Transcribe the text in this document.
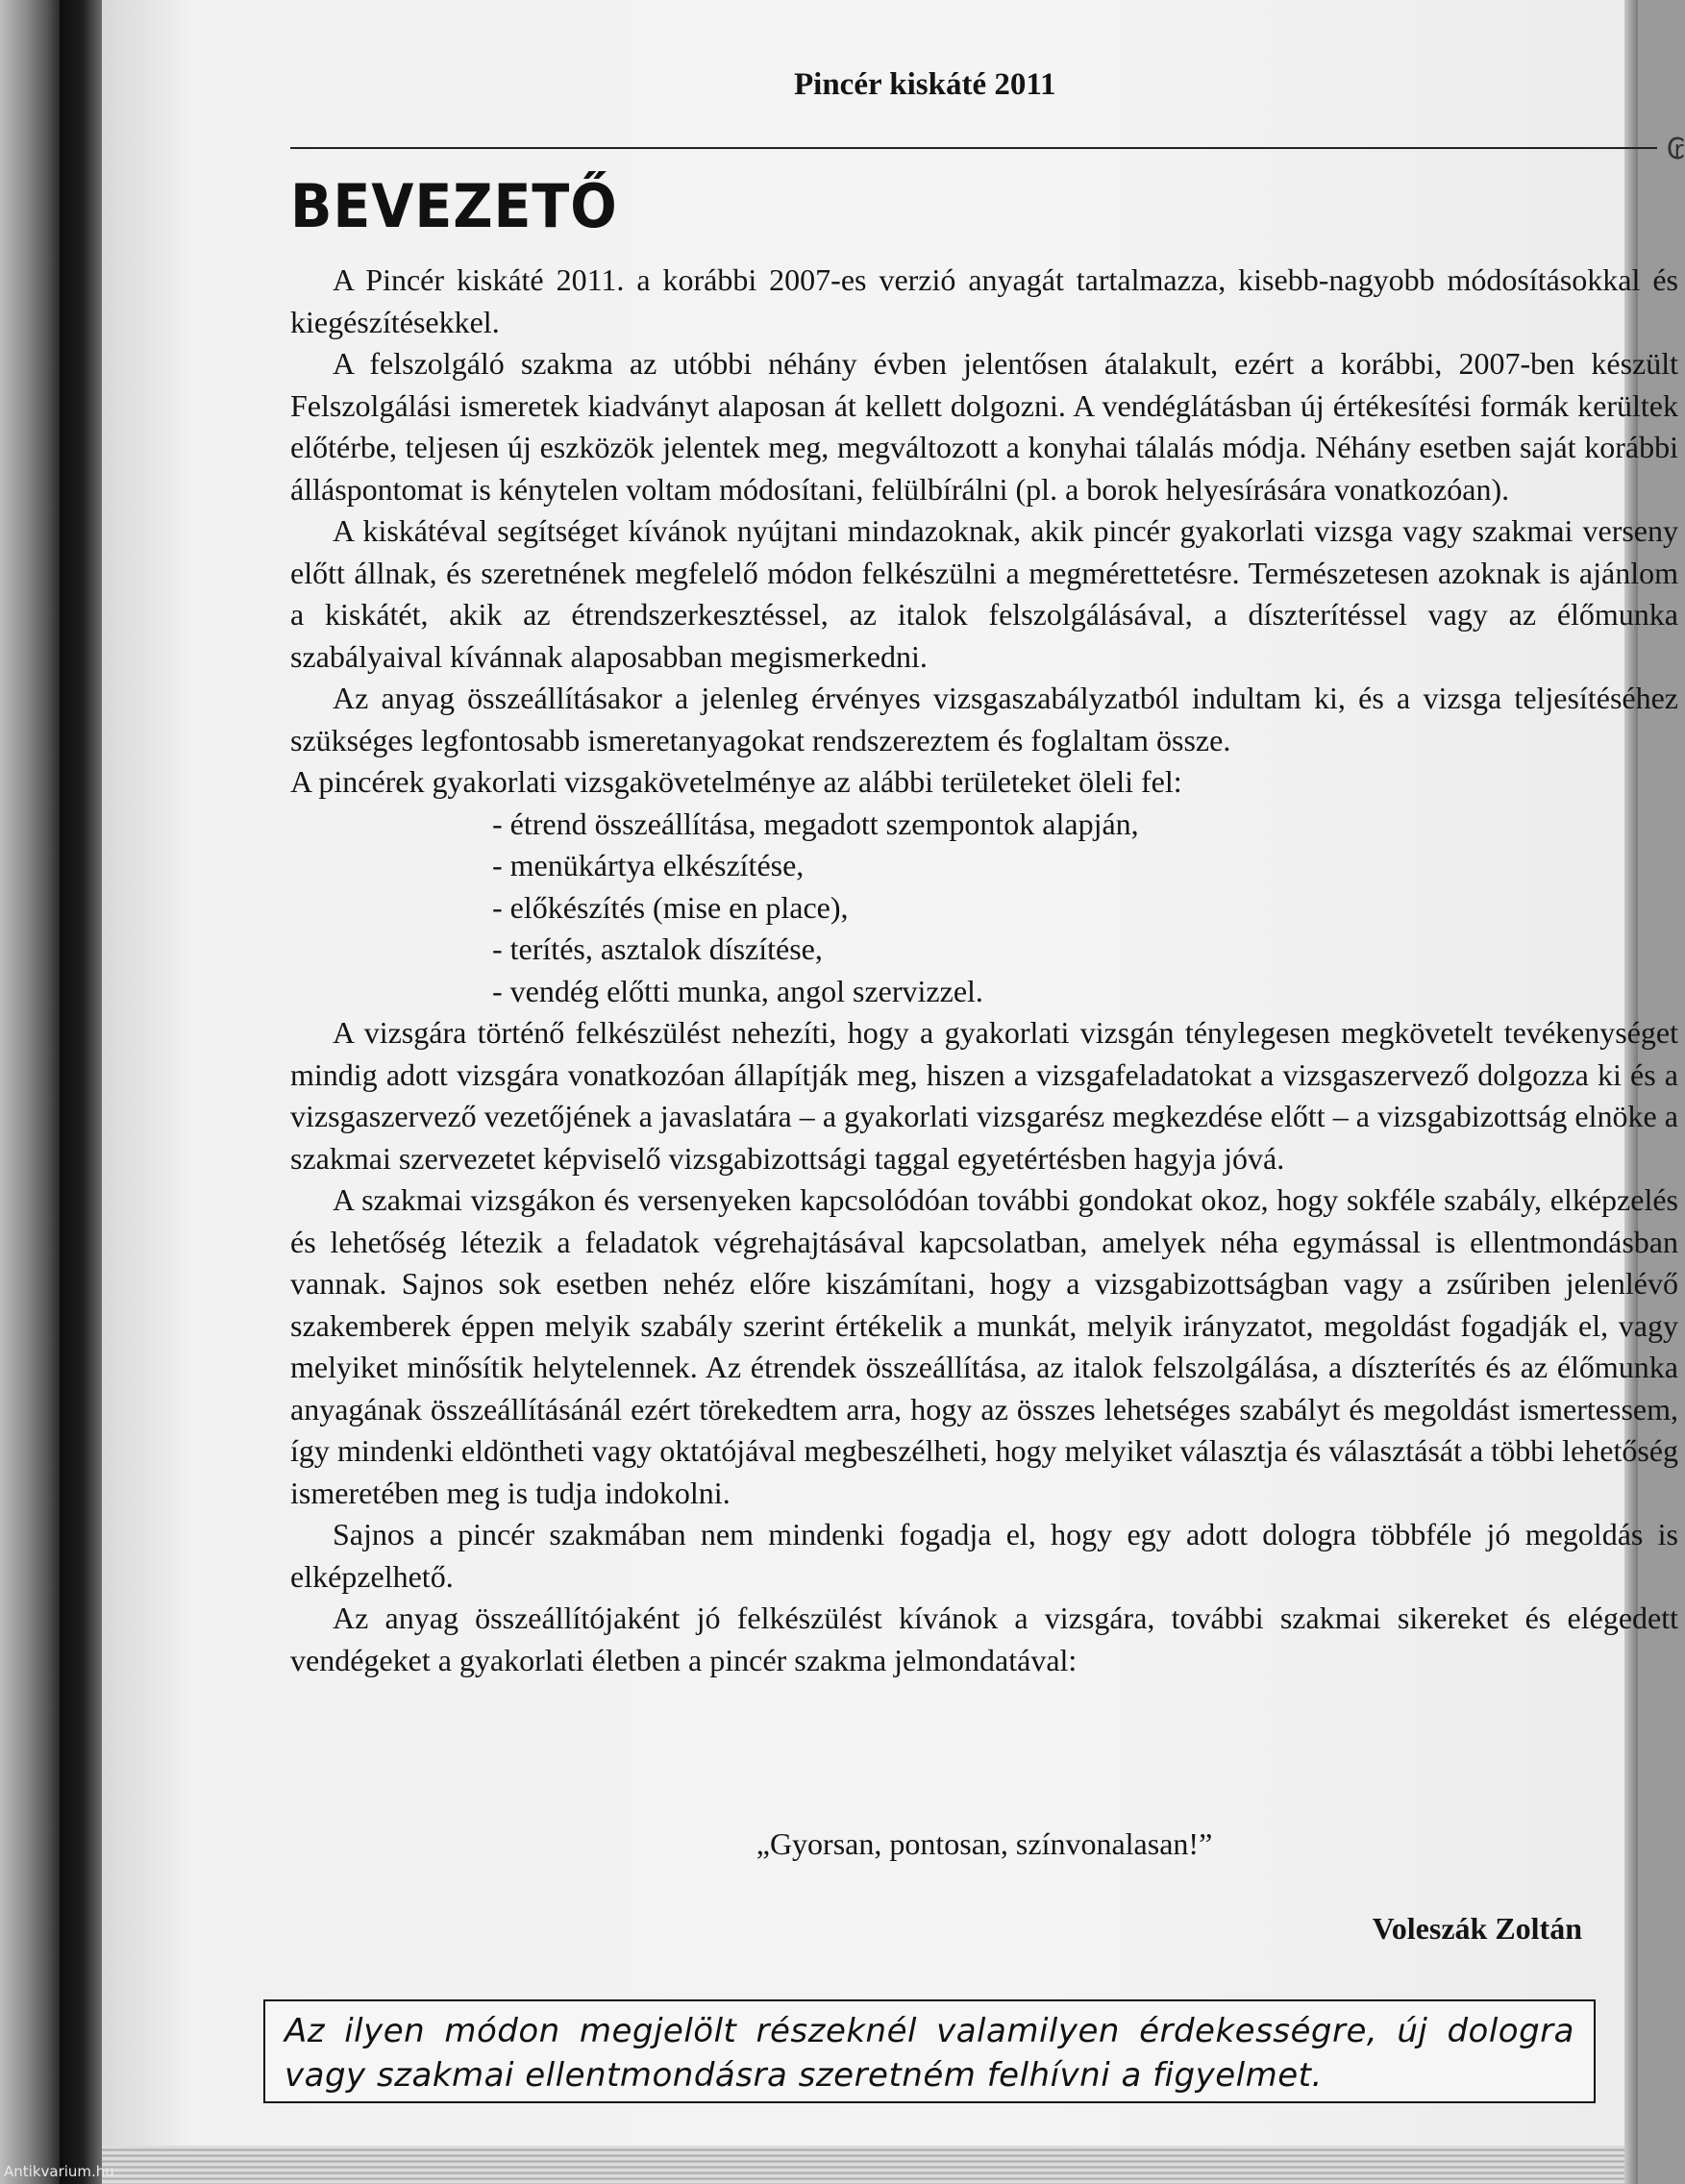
Pincér kiskáté 2011
₢
BEVEZETŐ

A Pincér kiskáté 2011. a korábbi 2007-es verzió anyagát tartalmazza, kisebb-nagyobb módosításokkal és kiegészítésekkel.

A felszolgáló szakma az utóbbi néhány évben jelentősen átalakult, ezért a korábbi, 2007-ben készült Felszolgálási ismeretek kiadványt alaposan át kellett dolgozni. A vendéglátásban új értékesítési formák kerültek előtérbe, teljesen új eszközök jelentek meg, megváltozott a konyhai tálalás módja. Néhány esetben saját korábbi álláspontomat is kénytelen voltam módosítani, felülbírálni (pl. a borok helyesírására vonatkozóan).

A kiskátéval segítséget kívánok nyújtani mindazoknak, akik pincér gyakorlati vizsga vagy szakmai verseny előtt állnak, és szeretnének megfelelő módon felkészülni a megmérettetésre. Természetesen azoknak is ajánlom a kiskátét, akik az étrendszerkesztéssel, az italok felszolgálásával, a díszterítéssel vagy az élőmunka szabályaival kívánnak alaposabban megismerkedni.

Az anyag összeállításakor a jelenleg érvényes vizsgaszabályzatból indultam ki, és a vizsga teljesítéséhez szükséges legfontosabb ismeretanyagokat rendszereztem és foglaltam össze.

A pincérek gyakorlati vizsgakövetelménye az alábbi területeket öleli fel:

- étrend összeállítása, megadott szempontok alapján,
- menükártya elkészítése,
- előkészítés (mise en place),
- terítés, asztalok díszítése,
- vendég előtti munka, angol szervizzel.

A vizsgára történő felkészülést nehezíti, hogy a gyakorlati vizsgán ténylegesen megkövetelt tevékenységet mindig adott vizsgára vonatkozóan állapítják meg, hiszen a vizsgafeladatokat a vizsgaszervező dolgozza ki és a vizsgaszervező vezetőjének a javaslatára – a gyakorlati vizsgarész megkezdése előtt – a vizsgabizottság elnöke a szakmai szervezetet képviselő vizsgabizottsági taggal egyetértésben hagyja jóvá.

A szakmai vizsgákon és versenyeken kapcsolódóan további gondokat okoz, hogy sokféle szabály, elképzelés és lehetőség létezik a feladatok végrehajtásával kapcsolatban, amelyek néha egymással is ellentmondásban vannak. Sajnos sok esetben nehéz előre kiszámítani, hogy a vizsgabizottságban vagy a zsűriben jelenlévő szakemberek éppen melyik szabály szerint értékelik a munkát, melyik irányzatot, megoldást fogadják el, vagy melyiket minősítik helytelennek. Az étrendek összeállítása, az italok felszolgálása, a díszterítés és az élőmunka anyagának összeállításánál ezért törekedtem arra, hogy az összes lehetséges szabályt és megoldást ismertessem, így mindenki eldöntheti vagy oktatójával megbeszélheti, hogy melyiket választja és választását a többi lehetőség ismeretében meg is tudja indokolni.

Sajnos a pincér szakmában nem mindenki fogadja el, hogy egy adott dologra többféle jó megoldás is elképzelhető.

Az anyag összeállítójaként jó felkészülést kívánok a vizsgára, további szakmai sikereket és elégedett vendégeket a gyakorlati életben a pincér szakma jelmondatával:

„Gyorsan, pontosan, színvonalasan!”
Voleszák Zoltán
Az ilyen módon megjelölt részeknél valamilyen érdekességre, új dologra vagy szakmai ellentmondásra szeretném felhívni a figyelmet.
Antikvarium.hu
